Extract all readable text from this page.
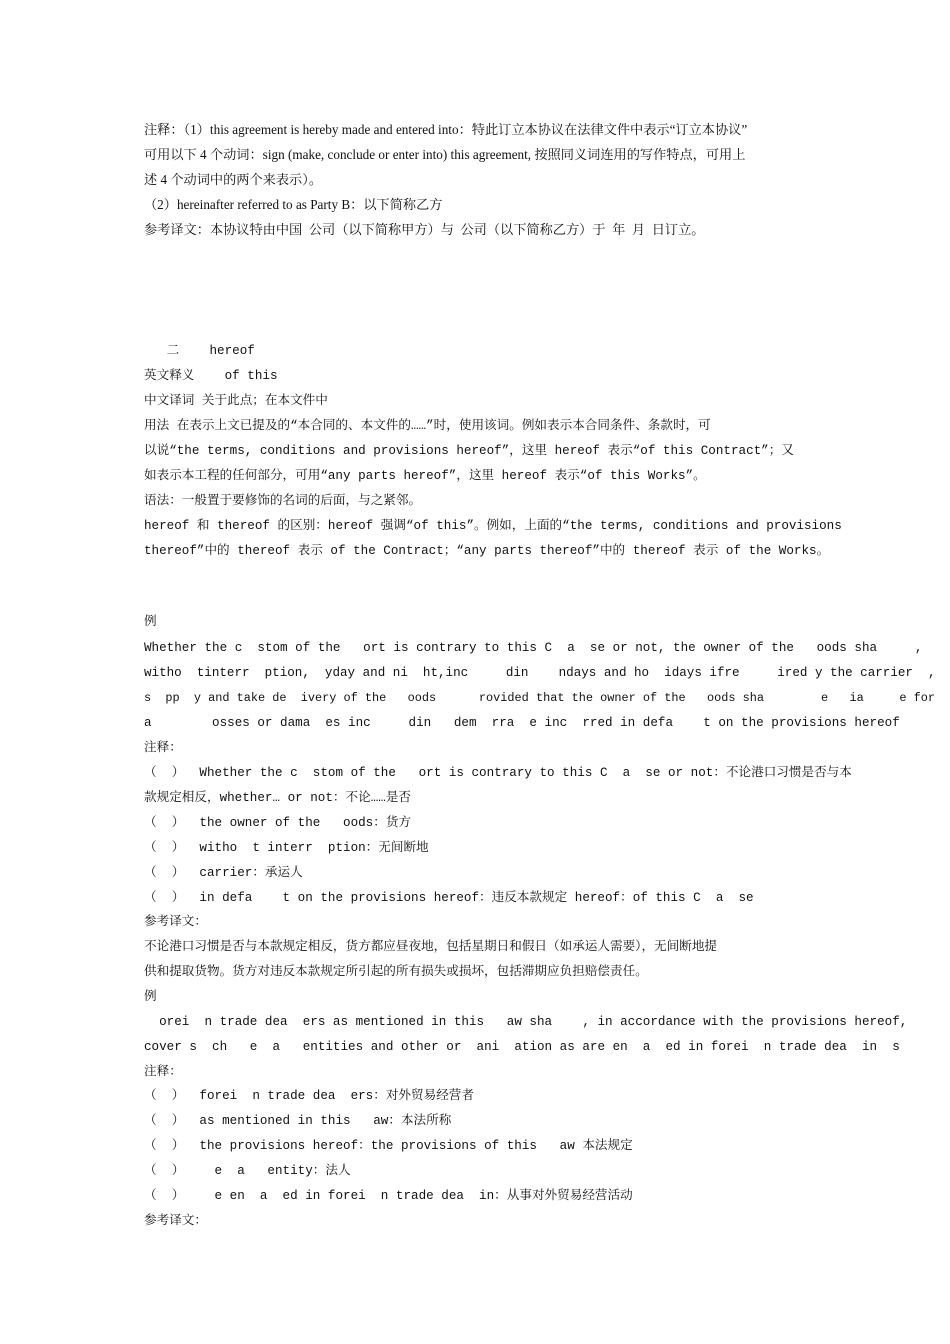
注释：（1）this agreement is hereby made and entered into：特此订立本协议在法律文件中表示“订立本协议”
可用以下 4 个动词：sign (make, conclude or enter into) this agreement, 按照同义词连用的写作特点，可用上
述 4 个动词中的两个来表示）。
（2）hereinafter referred to as Party B：以下简称乙方
参考译文：本协议特由中国  公司（以下简称甲方）与  公司（以下简称乙方）于  年  月  日订立。
二    hereof
英文释义    of this
中文译词 关于此点；在本文件中
用法 在表示上文已提及的“本合同的、本文件的……”时，使用该词。例如表示本合同条件、条款时，可
以说“the terms, conditions and provisions hereof”，这里 hereof 表示“of this Contract”；又
如表示本工程的任何部分，可用“any parts hereof”，这里 hereof 表示“of this Works”。
语法：一般置于要修饰的名词的后面，与之紧邻。
hereof 和 thereof 的区别：hereof 强调“of this”。例如，上面的“the terms, conditions and provisions
thereof”中的 thereof 表示 of the Contract；“any parts thereof”中的 thereof 表示 of the Works。
例
Whether the c  stom of the   ort is contrary to this C  a  se or not, the owner of the   oods sha     ,
witho  tinterr  ption,  yday and ni  ht,inc     din    ndays and ho  idays ifre     ired y the carrier  ,
s  pp  y and take de  ivery of the   oods      rovided that the owner of the   oods sha        e   ia     e for
a        osses or dama  es inc     din   dem  rra  e inc  rred in defa    t on the provisions hereof
注释：
（  ）  Whether the c  stom of the   ort is contrary to this C  a  se or not：不论港口习惯是否与本
款规定相反，whether… or not：不论……是否
（  ）  the owner of the   oods：货方
（  ）  witho  t interr  ption：无间断地
（  ）  carrier：承运人
（  ）  in defa    t on the provisions hereof：违反本款规定 hereof：of this C  a  se
参考译文：
不论港口习惯是否与本款规定相反，货方都应昼夜地，包括星期日和假日（如承运人需要），无间断地提
供和提取货物。货方对违反本款规定所引起的所有损失或损坏，包括滞期应负担赔偿责任。
例
orei  n trade dea  ers as mentioned in this   aw sha    , in accordance with the provisions hereof,
cover s  ch   e  a   entities and other or  ani  ation as are en  a  ed in forei  n trade dea  in  s
注释：
（  ）  forei  n trade dea  ers：对外贸易经营者
（  ）  as mentioned in this   aw：本法所称
（  ）  the provisions hereof：the provisions of this   aw 本法规定
（  ）    e  a   entity：法人
（  ）    e en  a  ed in forei  n trade dea  in：从事对外贸易经营活动
参考译文：
